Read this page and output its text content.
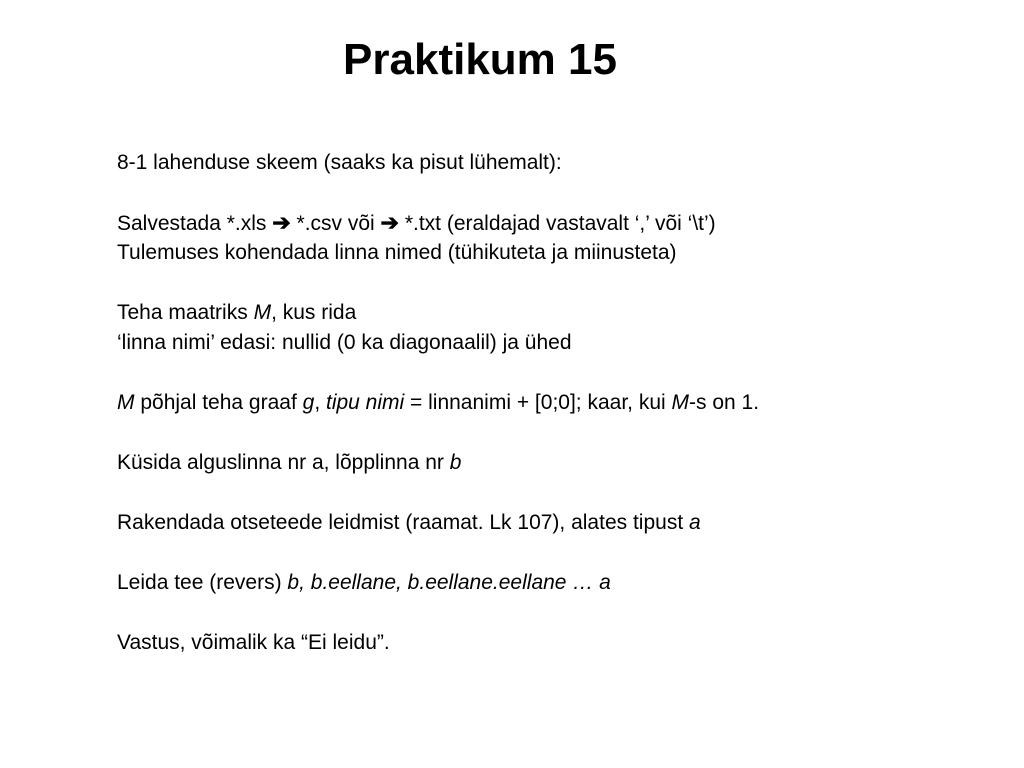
Praktikum 15
8-1 lahenduse skeem (saaks ka pisut lühemalt):
Salvestada *.xls ➔ *.csv või ➔ *.txt (eraldajad vastavalt ‘,’ või ‘\t’)
Tulemuses kohendada linna nimed (tühikuteta ja miinusteta)
Teha maatriks M, kus rida
‘linna nimi’ edasi: nullid (0 ka diagonaalil) ja ühed
M põhjal teha graaf g, tipu nimi = linnanimi + [0;0]; kaar, kui M-s on 1.
Küsida alguslinna nr a, lõpplinna nr b
Rakendada otseteede leidmist (raamat. Lk 107), alates tipust a
Leida tee (revers) b, b.eellane, b.eellane.eellane … a
Vastus, võimalik ka “Ei leidu”.
